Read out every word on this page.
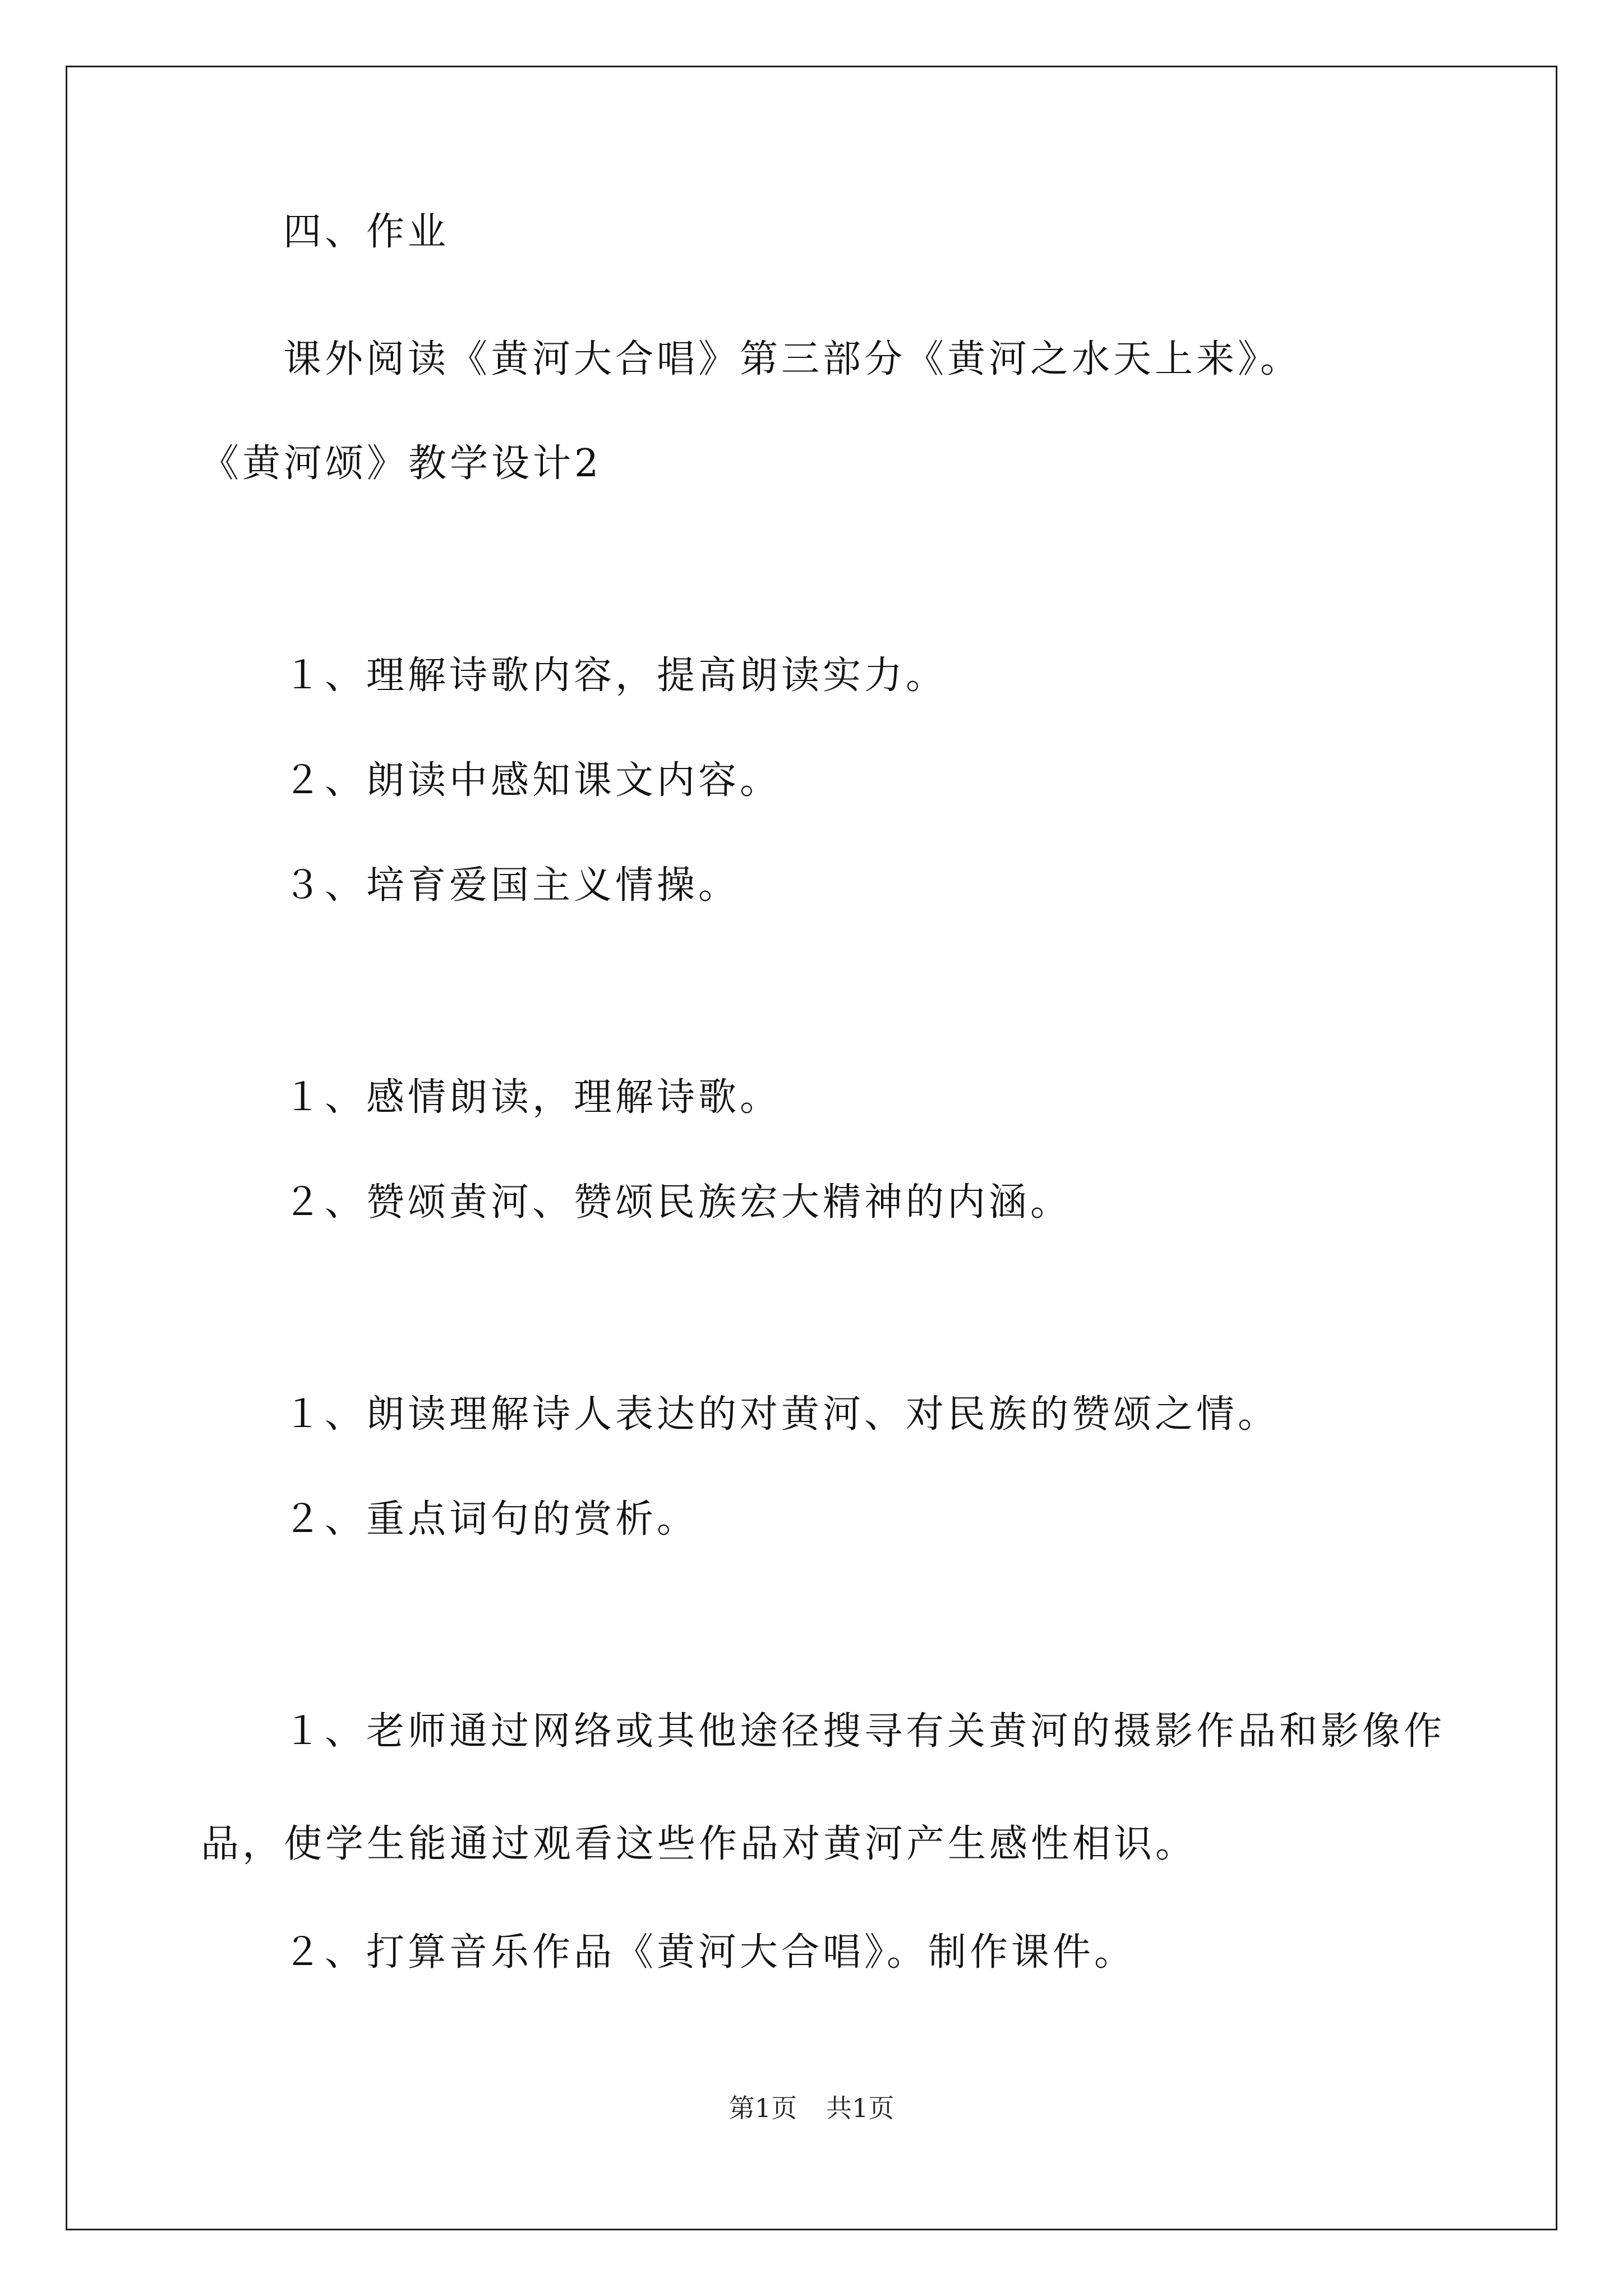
四、作业
课外阅读《黄河大合唱》第三部分《黄河之水天上来》。
《黄河颂》教学设计2
１、理解诗歌内容，提高朗读实力。
２、朗读中感知课文内容。
３、培育爱国主义情操。
１、感情朗读，理解诗歌。
２、赞颂黄河、赞颂民族宏大精神的内涵。
１、朗读理解诗人表达的对黄河、对民族的赞颂之情。
２、重点词句的赏析。
１、老师通过网络或其他途径搜寻有关黄河的摄影作品和影像作
品，使学生能通过观看这些作品对黄河产生感性相识。
２、打算音乐作品《黄河大合唱》。制作课件。
第1页 共1页
